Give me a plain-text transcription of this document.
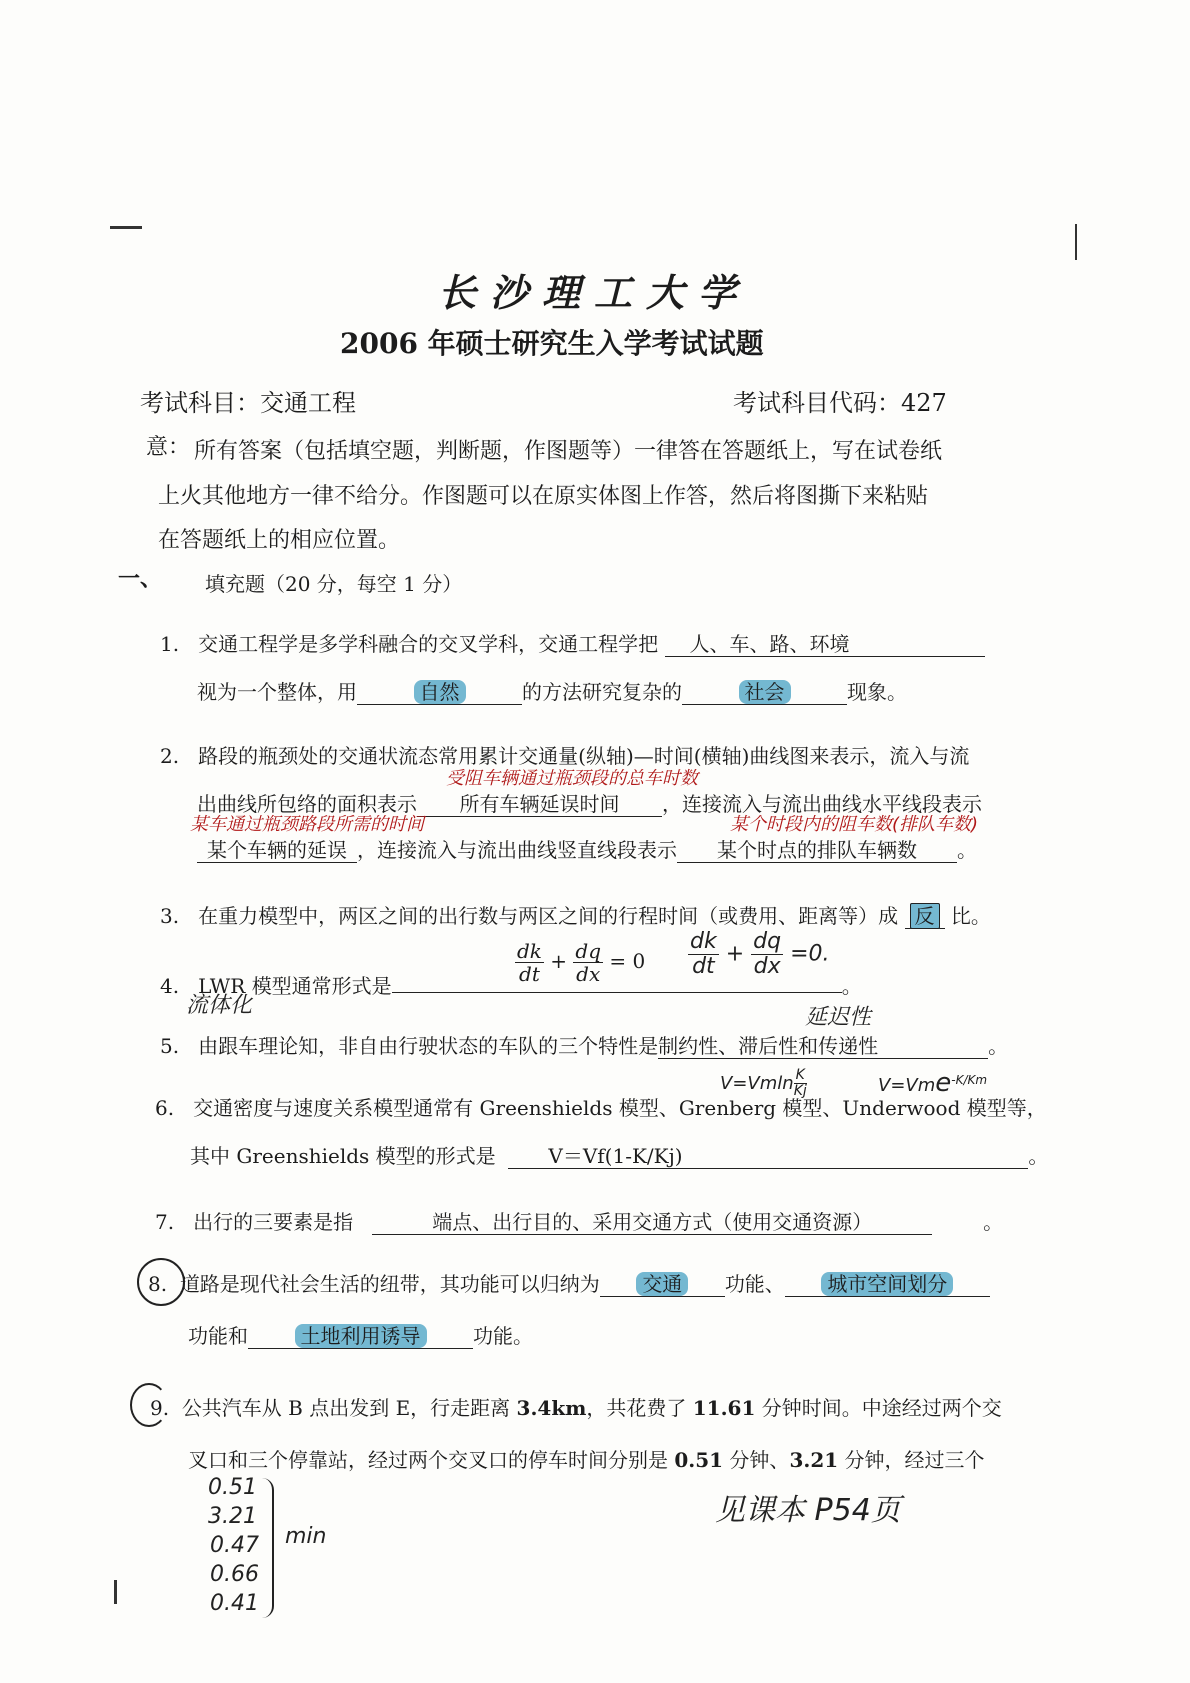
长沙理工大学
2006 年硕士研究生入学考试试题
考试科目：交通工程	考试科目代码：427
意： 所有答案（包括填空题，判断题，作图题等）一律答在答题纸上，写在试卷纸
上火其他地方一律不给分。作图题可以在原实体图上作答，然后将图撕下来粘贴
在答题纸上的相应位置。
一、 填充题（20 分，每空 1 分）
1. 交通工程学是多学科融合的交叉学科，交通工程学把 人、车、路、环境
视为一个整体，用	自然	的方法研究复杂的	社会	现象。
2. 路段的瓶颈处的交通状流态常用累计交通量(纵轴)—时间(横轴)曲线图来表示，流入与流
受阻车辆通过瓶颈段的总车时数
出曲线所包络的面积表示 所有车辆延误时间 ，连接流入与流出曲线水平线段表示
某车通过瓶颈路段所需的时间	某个时段内的阻车数(排队车数)
某个车辆的延误 ，连接流入与流出曲线竖直线段表示 某个时点的排队车辆数 。
3. 在重力模型中，两区之间的出行数与两区之间的行程时间（或费用、距离等）成 反 比。
4. LWR 模型通常形式是	。
$\frac{dk}{dt} + \frac{dq}{dx} = 0 \frac{dk}{dt} + \frac{dq}{dx} =0$.
流体化	延迟性
5. 由跟车理论知，非自由行驶状态的车队的三个特性是制约性、滞后性和传递性	。
$V=Vmln \frac{K}{Kj}$	V=Vme$^{-K/Km}$
6. 交通密度与速度关系模型通常有 Greenshields 模型、Grenberg 模型、Underwood 模型等，
其中 Greenshields 模型的形式是	V＝Vf(1-K/Kj)	。
7. 出行的三要素是指	端点、出行目的、采用交通方式（使用交通资源）	。
8. 道路是现代社会生活的纽带，其功能可以归纳为 交通 功能、 城市空间划分
功能和	土地利用诱导	功能。
9. 公共汽车从 B 点出发到 E，行走距离 3.4km，共花费了 11.61 分钟时间。中途经过两个交
叉口和三个停靠站，经过两个交叉口的停车时间分别是 0.51 分钟、3.21 分钟，经过三个
0.51
3.21
0.47
0.66
0.41
min
见课本 P54页
